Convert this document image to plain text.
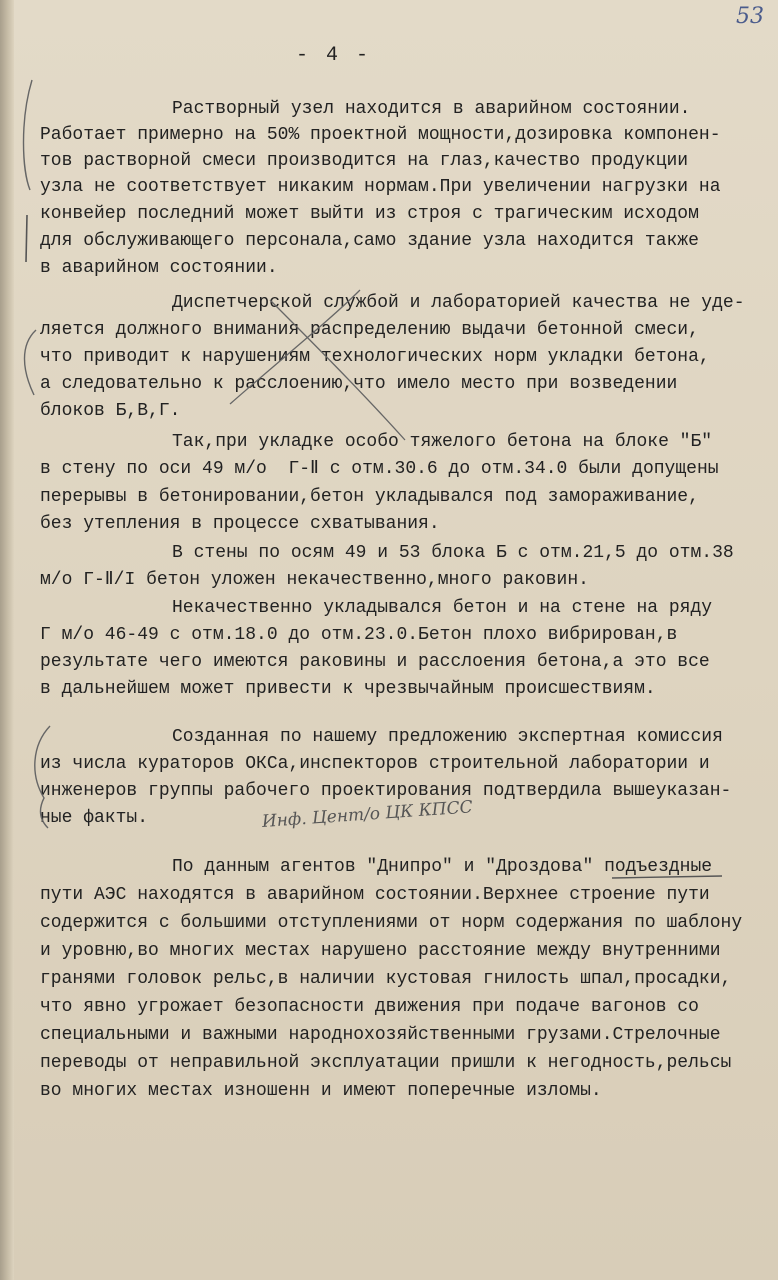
53
- 4 -
Растворный узел находится в аварийном состоянии.
Работает примерно на 50% проектной мощности,дозировка компонен-
тов растворной смеси производится на глаз,качество продукции
узла не соответствует никаким нормам.При увеличении нагрузки на
конвейер последний может выйти из строя с трагическим исходом
для обслуживающего персонала,само здание узла находится также
в аварийном состоянии.
Диспетчерской службой и лабораторией качества не уде-
ляется должного внимания распределению выдачи бетонной смеси,
что приводит к нарушениям технологических норм укладки бетона,
а следовательно к расслоению,что имело место при возведении
блоков Б,В,Г.
Так,при укладке особо тяжелого бетона на блоке "Б"
в стену по оси 49 м/о  Г-Ⅱ с отм.30.6 до отм.34.0 были допущены
перерывы в бетонировании,бетон укладывался под замораживание,
без утепления в процессе схватывания.
В стены по осям 49 и 53 блока Б с отм.21,5 до отм.38
м/о Г-Ⅱ/I бетон уложен некачественно,много раковин.
Некачественно укладывался бетон и на стене на ряду
Г м/о 46-49 с отм.18.0 до отм.23.0.Бетон плохо вибрирован,в
результате чего имеются раковины и расслоения бетона,а это все
в дальнейшем может привести к чрезвычайным происшествиям.
Созданная по нашему предложению экспертная комиссия
из числа кураторов ОКСа,инспекторов строительной лаборатории и
инженеров группы рабочего проектирования подтвердила вышеуказан-
ные факты.	Инф. Цент/о ЦК КПСС
По данным агентов "Днипро" и "Дроздова" подъездные
пути АЭС находятся в аварийном состоянии.Верхнее строение пути
содержится с большими отступлениями от норм содержания по шаблону
и уровню,во многих местах нарушено расстояние между внутренними
гранями головок рельс,в наличии кустовая гнилость шпал,просадки,
что явно угрожает безопасности движения при подаче вагонов со
специальными и важными народнохозяйственными грузами.Стрелочные
переводы от неправильной эксплуатации пришли к негодность,рельсы
во многих местах изношенн и имеют поперечные изломы.
